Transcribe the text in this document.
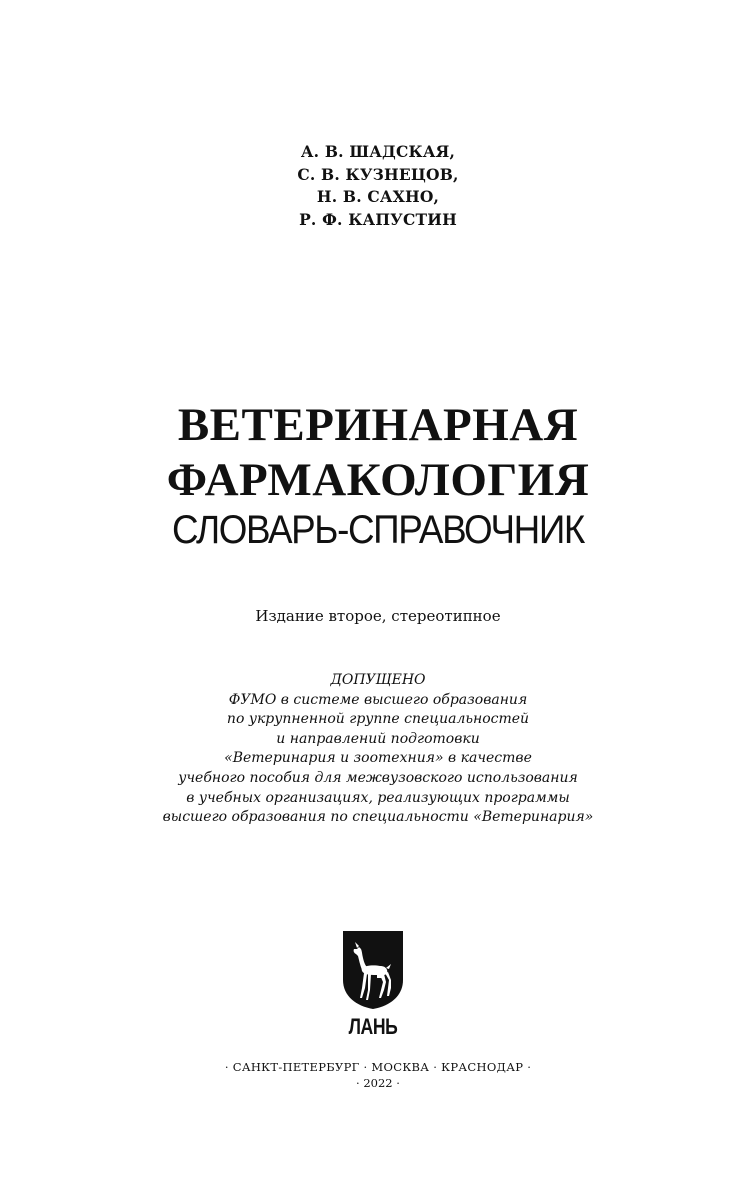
А. В. ШАДСКАЯ,
С. В. КУЗНЕЦОВ,
Н. В. САХНО,
Р. Ф. КАПУСТИН
ВЕТЕРИНАРНАЯ
ФАРМАКОЛОГИЯ
СЛОВАРЬ-СПРАВОЧНИК
Издание второе, стереотипное
ДОПУЩЕНО
ФУМО в системе высшего образования
по укрупненной группе специальностей
и направлений подготовки
«Ветеринария и зоотехния» в качестве
учебного пособия для межвузовского использования
в учебных организациях, реализующих программы
высшего образования по специальности «Ветеринария»
ЛАНЬ
· САНКТ-ПЕТЕРБУРГ · МОСКВА · КРАСНОДАР ·
· 2022 ·
